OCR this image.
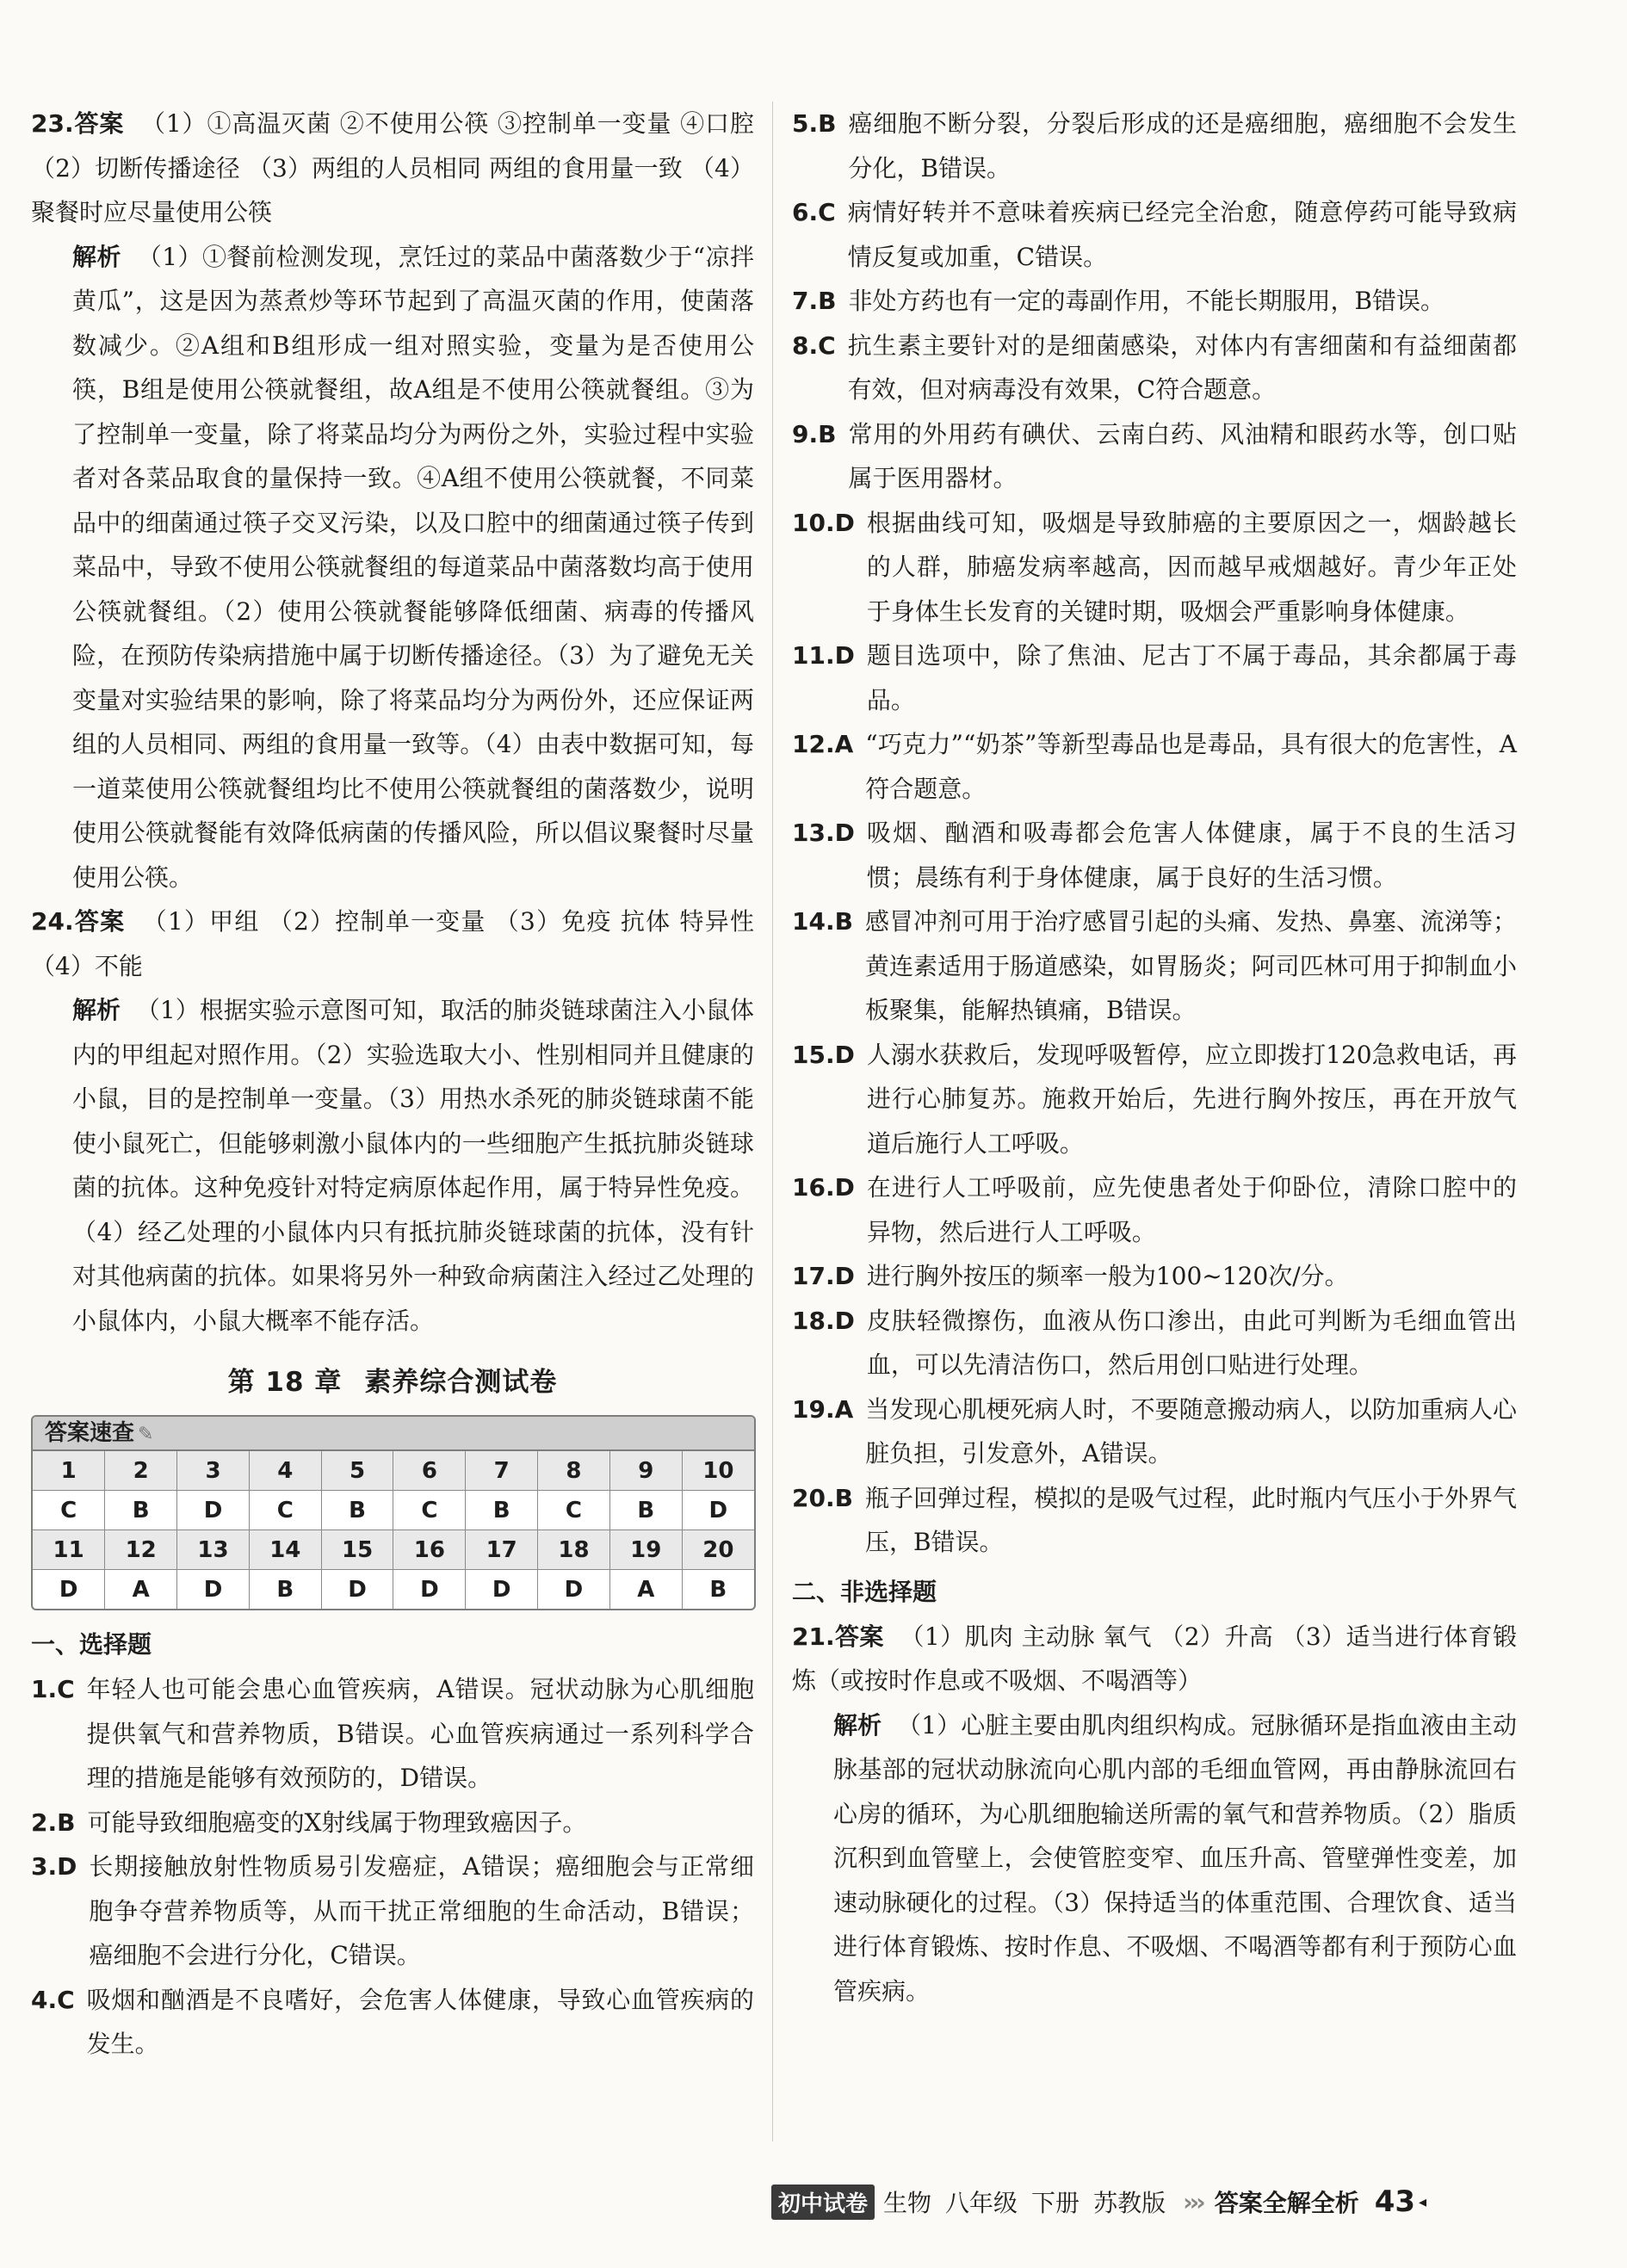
23.答案 （1）①高温灭菌 ②不使用公筷 ③控制单一变量 ④口腔 （2）切断传播途径 （3）两组的人员相同 两组的食用量一致 （4）聚餐时应尽量使用公筷

解析 （1）①餐前检测发现，烹饪过的菜品中菌落数少于“凉拌黄瓜”，这是因为蒸煮炒等环节起到了高温灭菌的作用，使菌落数减少。②A组和B组形成一组对照实验，变量为是否使用公筷，B组是使用公筷就餐组，故A组是不使用公筷就餐组。③为了控制单一变量，除了将菜品均分为两份之外，实验过程中实验者对各菜品取食的量保持一致。④A组不使用公筷就餐，不同菜品中的细菌通过筷子交叉污染，以及口腔中的细菌通过筷子传到菜品中，导致不使用公筷就餐组的每道菜品中菌落数均高于使用公筷就餐组。（2）使用公筷就餐能够降低细菌、病毒的传播风险，在预防传染病措施中属于切断传播途径。（3）为了避免无关变量对实验结果的影响，除了将菜品均分为两份外，还应保证两组的人员相同、两组的食用量一致等。（4）由表中数据可知，每一道菜使用公筷就餐组均比不使用公筷就餐组的菌落数少，说明使用公筷就餐能有效降低病菌的传播风险，所以倡议聚餐时尽量使用公筷。

24.答案 （1）甲组 （2）控制单一变量 （3）免疫 抗体 特异性 （4）不能

解析 （1）根据实验示意图可知，取活的肺炎链球菌注入小鼠体内的甲组起对照作用。（2）实验选取大小、性别相同并且健康的小鼠，目的是控制单一变量。（3）用热水杀死的肺炎链球菌不能使小鼠死亡，但能够刺激小鼠体内的一些细胞产生抵抗肺炎链球菌的抗体。这种免疫针对特定病原体起作用，属于特异性免疫。（4）经乙处理的小鼠体内只有抵抗肺炎链球菌的抗体，没有针对其他病菌的抗体。如果将另外一种致命病菌注入经过乙处理的小鼠体内，小鼠大概率不能存活。

第 18 章 素养综合测试卷
答案速查 ✎
1	2	3	4	5	6	7	8	9	10
C	B	D	C	B	C	B	C	B	D
11	12	13	14	15	16	17	18	19	20
D	A	D	B	D	D	D	D	A	B
一、选择题
1.C 年轻人也可能会患心血管疾病，A错误。冠状动脉为心肌细胞提供氧气和营养物质，B错误。心血管疾病通过一系列科学合理的措施是能够有效预防的，D错误。

2.B 可能导致细胞癌变的X射线属于物理致癌因子。

3.D 长期接触放射性物质易引发癌症，A错误；癌细胞会与正常细胞争夺营养物质等，从而干扰正常细胞的生命活动，B错误；癌细胞不会进行分化，C错误。

4.C 吸烟和酗酒是不良嗜好，会危害人体健康，导致心血管疾病的发生。

5.B 癌细胞不断分裂，分裂后形成的还是癌细胞，癌细胞不会发生分化，B错误。

6.C 病情好转并不意味着疾病已经完全治愈，随意停药可能导致病情反复或加重，C错误。

7.B 非处方药也有一定的毒副作用，不能长期服用，B错误。

8.C 抗生素主要针对的是细菌感染，对体内有害细菌和有益细菌都有效，但对病毒没有效果，C符合题意。

9.B 常用的外用药有碘伏、云南白药、风油精和眼药水等，创口贴属于医用器材。

10.D 根据曲线可知，吸烟是导致肺癌的主要原因之一，烟龄越长的人群，肺癌发病率越高，因而越早戒烟越好。青少年正处于身体生长发育的关键时期，吸烟会严重影响身体健康。

11.D 题目选项中，除了焦油、尼古丁不属于毒品，其余都属于毒品。

12.A “巧克力”“奶茶”等新型毒品也是毒品，具有很大的危害性，A符合题意。

13.D 吸烟、酗酒和吸毒都会危害人体健康，属于不良的生活习惯；晨练有利于身体健康，属于良好的生活习惯。

14.B 感冒冲剂可用于治疗感冒引起的头痛、发热、鼻塞、流涕等；黄连素适用于肠道感染，如胃肠炎；阿司匹林可用于抑制血小板聚集，能解热镇痛，B错误。

15.D 人溺水获救后，发现呼吸暂停，应立即拨打120急救电话，再进行心肺复苏。施救开始后，先进行胸外按压，再在开放气道后施行人工呼吸。

16.D 在进行人工呼吸前，应先使患者处于仰卧位，清除口腔中的异物，然后进行人工呼吸。

17.D 进行胸外按压的频率一般为100~120次/分。

18.D 皮肤轻微擦伤，血液从伤口渗出，由此可判断为毛细血管出血，可以先清洁伤口，然后用创口贴进行处理。

19.A 当发现心肌梗死病人时，不要随意搬动病人，以防加重病人心脏负担，引发意外，A错误。

20.B 瓶子回弹过程，模拟的是吸气过程，此时瓶内气压小于外界气压，B错误。

二、非选择题

21.答案 （1）肌肉 主动脉 氧气 （2）升高 （3）适当进行体育锻炼（或按时作息或不吸烟、不喝酒等）

解析 （1）心脏主要由肌肉组织构成。冠脉循环是指血液由主动脉基部的冠状动脉流向心肌内部的毛细血管网，再由静脉流回右心房的循环，为心肌细胞输送所需的氧气和营养物质。（2）脂质沉积到血管壁上，会使管腔变窄、血压升高、管壁弹性变差，加速动脉硬化的过程。（3）保持适当的体重范围、合理饮食、适当进行体育锻炼、按时作息、不吸烟、不喝酒等都有利于预防心血管疾病。

初中试卷 生物 八年级 下册 苏教版 ››› 答案全解全析 43 ◂
